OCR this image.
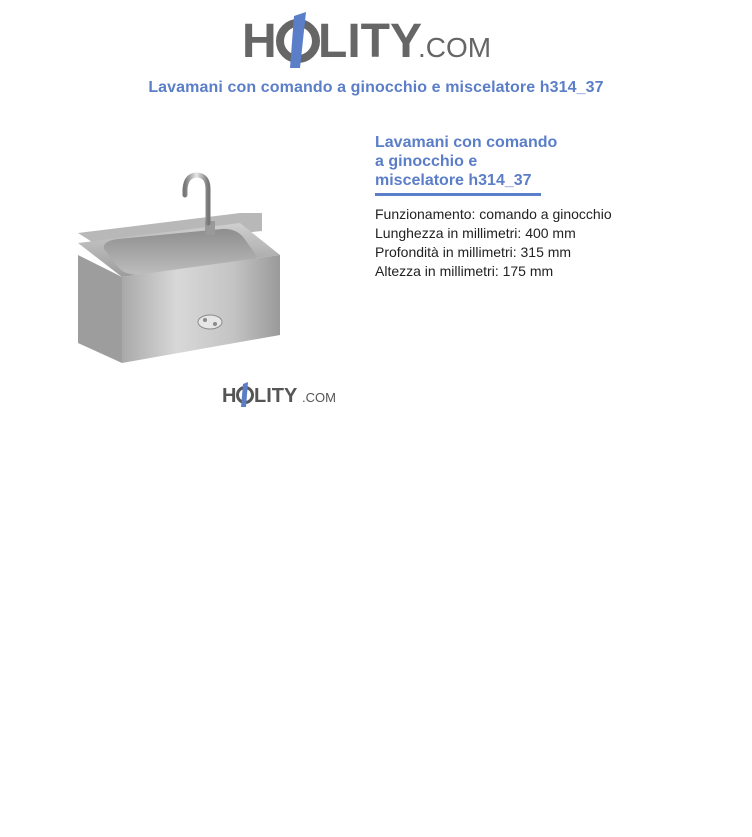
H LITY
.COM
Lavamani con comando a ginocchio e miscelatore h314_37
H LITY .COM
Lavamani con comando
a ginocchio e
miscelatore h314_37
Funzionamento: comando a ginocchio
Lunghezza in millimetri: 400 mm
Profondità in millimetri: 315 mm
Altezza in millimetri: 175 mm
